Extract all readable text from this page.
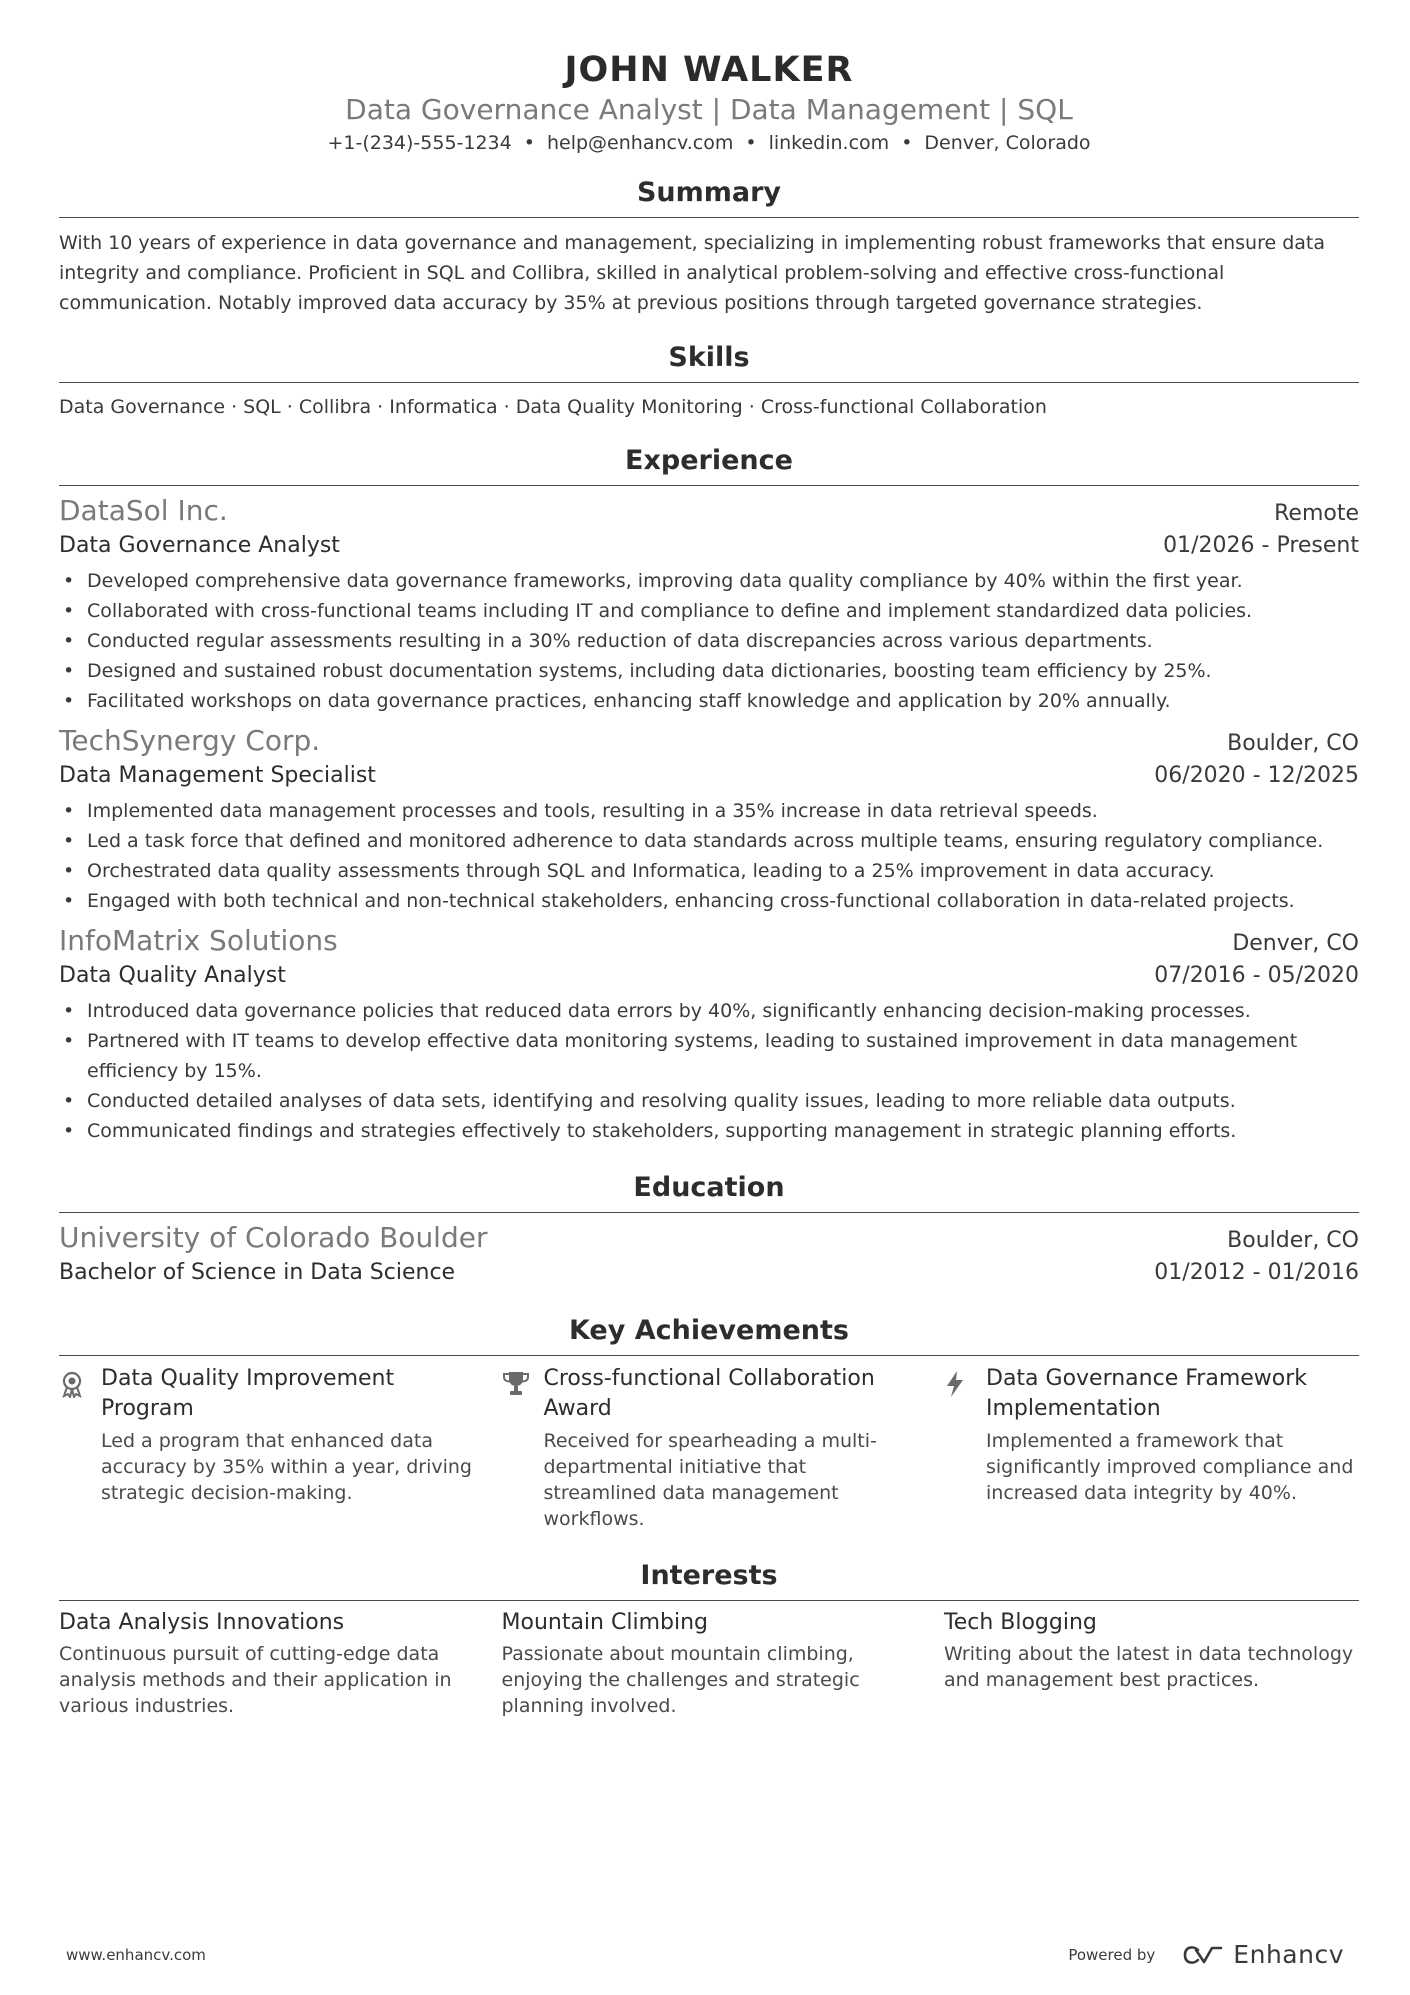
JOHN WALKER
Data Governance Analyst | Data Management | SQL
+1-(234)-555-1234 • help@enhancv.com • linkedin.com • Denver, Colorado
Summary

With 10 years of experience in data governance and management, specializing in implementing robust frameworks that ensure data integrity and compliance. Proficient in SQL and Collibra, skilled in analytical problem-solving and effective cross-functional communication. Notably improved data accuracy by 35% at previous positions through targeted governance strategies.

Skills

Data Governance · SQL · Collibra · Informatica · Data Quality Monitoring · Cross-functional Collaboration

Experience
DataSol Inc.	Remote
Data Governance Analyst	01/2026 - Present
• Developed comprehensive data governance frameworks, improving data quality compliance by 40% within the first year.
• Collaborated with cross-functional teams including IT and compliance to define and implement standardized data policies.
• Conducted regular assessments resulting in a 30% reduction of data discrepancies across various departments.
• Designed and sustained robust documentation systems, including data dictionaries, boosting team efficiency by 25%.
• Facilitated workshops on data governance practices, enhancing staff knowledge and application by 20% annually.
TechSynergy Corp.	Boulder, CO
Data Management Specialist	06/2020 - 12/2025
• Implemented data management processes and tools, resulting in a 35% increase in data retrieval speeds.
• Led a task force that defined and monitored adherence to data standards across multiple teams, ensuring regulatory compliance.
• Orchestrated data quality assessments through SQL and Informatica, leading to a 25% improvement in data accuracy.
• Engaged with both technical and non-technical stakeholders, enhancing cross-functional collaboration in data-related projects.
InfoMatrix Solutions	Denver, CO
Data Quality Analyst	07/2016 - 05/2020
• Introduced data governance policies that reduced data errors by 40%, significantly enhancing decision-making processes.
• Partnered with IT teams to develop effective data monitoring systems, leading to sustained improvement in data management efficiency by 15%.
• Conducted detailed analyses of data sets, identifying and resolving quality issues, leading to more reliable data outputs.
• Communicated findings and strategies effectively to stakeholders, supporting management in strategic planning efforts.
Education
University of Colorado Boulder	Boulder, CO
Bachelor of Science in Data Science	01/2012 - 01/2016
Key Achievements
Data Quality Improvement Program
Led a program that enhanced data accuracy by 35% within a year, driving strategic decision-making.
Cross-functional Collaboration Award
Received for spearheading a multi-departmental initiative that streamlined data management workflows.
Data Governance Framework Implementation
Implemented a framework that significantly improved compliance and increased data integrity by 40%.
Interests
Data Analysis Innovations
Continuous pursuit of cutting-edge data analysis methods and their application in various industries.
Mountain Climbing
Passionate about mountain climbing, enjoying the challenges and strategic planning involved.
Tech Blogging
Writing about the latest in data technology and management best practices.
www.enhancv.com	Powered by	Enhancv
